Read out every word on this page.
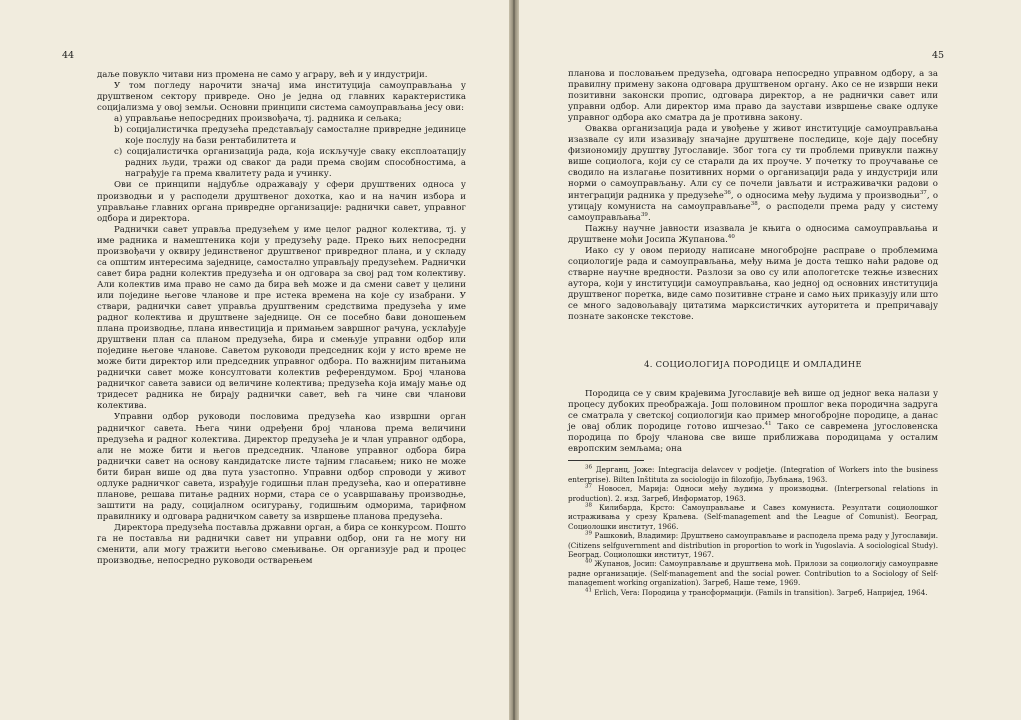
44	45

даље повукло читави низ промена не само у аграру, већ и у индустрији.

У том погледу нарочити значај има институција самоуправљања у друштвеном сектору привреде. Оно је једна од главних карактеристика социјализма у овој земљи. Основни принципи система самоуправљања јесу ови:

а) управљање непосредних произвођача, тј. радника и сељака;
b) социјалистичка предузећа представљају самосталне привредне јединице које послују на бази рентабилитета и
с) социјалистичка организација рада, која искључује сваку експлоатацију радних људи, тражи од сваког да ради према својим способностима, а награђује га према квалитету рада и учинку.

Ови се принципи најдубље одражавају у сфери друштвених односа у производњи и у расподели друштвеног дохотка, као и на начин избора и управљање главних органа привредне организације: раднички савет, управног одбора и директора.

Раднички савет управља предузећем у име целог радног колектива, тј. у име радника и намештеника који у предузећу раде. Преко њих непосредни произвођачи у оквиру јединственог друштвеног привредног плана, и у складу са општим интересима заједнице, самостално управљају предузећем. Раднички савет бира радни колектив предузећа и он одговара за свој рад том колективу. Али колектив има право не само да бира већ може и да смени савет у целини или поједине његове чланове и пре истека времена на које су изабрани. У ствари, раднички савет управља друштвеним средствима предузећа у име радног колектива и друштвене заједнице. Он се посебно бави доношењем плана производње, плана инвестиција и примањем завршног рачуна, усклађује друштвени план са планом предузећа, бира и смењује управни одбор или поједине његове чланове. Саветом руководи председник који у исто време не може бити директор или председник управног одбора. По важнијим питањима раднички савет може консултовати колектив референдумом. Број чланова радничког савета зависи од величине колектива; предузећа која имају мање од тридесет радника не бирају раднички савет, већ га чине сви чланови колектива.

Управни одбор руководи пословима предузећа као извршни орган радничког савета. Њега чини одређени број чланова према величини предузећа и радног колектива. Директор предузећа је и члан управног одбора, али не може бити и његов председник. Чланове управног одбора бира раднички савет на основу кандидатске листе тајним гласањем; нико не може бити биран више од два пута узастопно. Управни одбор спроводи у живот одлуке радничког савета, израђује годишњи план предузећа, као и оперативне планове, решава питање радних норми, стара се о усавршавању производње, заштити на раду, социјалном осигурању, годишњим одморима, тарифном правилнику и одговара радничком савету за извршење планова предузећа.

Директора предузећа поставља државни орган, а бира се конкурсом. Пошто га не поставља ни раднички савет ни управни одбор, они га не могу ни сменити, али могу тражити његово смењивање. Он организује рад и процес производње, непосредно руководи остварењем

планова и пословањем предузећа, одговара непосредно управном одбору, а за правилну примену закона одговара друштвеном органу. Ако се не изврши неки позитивни законски пропис, одговара директор, а не раднички савет или управни одбор. Али директор има право да заустави извршење сваке одлуке управног одбора ако сматра да је противна закону.

Оваква организација рада и увођење у живот институције самоуправљања изазвале су или изазивају значајне друштвене последице, које дају посебну физиономију друштву Југославије. Због тога су ти проблеми привукли пажњу више социолога, који су се старали да их проуче. У почетку то проучавање се сводило на излагање позитивних норми о организацији рада у индустрији или норми о самоуправљању. Али су се почели јављати и истраживачки радови о интеграцији радника у предузеће$^{36}$, о односима међу људима у производњи$^{37}$, о утицају комуниста на самоуправљање$^{38}$, о расподели према раду у систему самоуправљања$^{39}$.

Пажњу научне јавности изазвала је књига о односима самоуправљања и друштвене моћи Јосипа Жупанова.$^{40}$

Иако су у овом периоду написане многобројне расправе о проблемима социологије рада и самоуправљања, међу њима је доста тешко наћи радове од стварне научне вредности. Разлози за ово су или апологетске тежње извесних аутора, који у институцији самоуправљања, као једној од основних институција друштвеног поретка, виде само позитивне стране и само њих приказују или што се много задовољавају цитатима марксистичких ауторитета и препричавају познате законске текстове.

4. СОЦИОЛОГИЈА ПОРОДИЦЕ И ОМЛАДИНЕ

Породица се у свим крајевима Југославије већ више од једног века налази у процесу дубоких преображаја. Још половином прошлог века породична задруга се сматрала у светској социологији као пример многобројне породице, а данас је овај облик породице готово ишчезао.$^{41}$ Тако се савремена југословенска породица по броју чланова све више приближава породицама у осталим европским земљама; она

$^{36}$ Дерганц, Јоже: Integracija delavcev v podjetje. (Integration of Workers into the business enterprise). Bilten Inštituta za sociologijo in filozofijo, Љубљана, 1963.

$^{37}$ Новосел, Марија: Односи међу људима у производњи. (Interpersonal relations in production). 2. изд. Загреб, Информатор, 1963.

$^{38}$ Килибарда, Крсто: Самоуправљање и Савез комуниста. Резултати социолошког истраживања у срезу Краљева. (Self-management and the League of Comunist). Београд, Социолошки институт, 1966.

$^{39}$ Рашковић, Владимир: Друштвено самоуправљање и расподела према раду у Југославији. (Citizens selfguvernment and distribution in proportion to work in Yugoslavia. A sociological Study). Београд. Социолошки институт, 1967.

$^{40}$ Жупанов, Јосип: Самоуправљање и друштвена моћ. Прилози за социологију самоуправне радне организације. (Self-management and the social power. Contribution to a Sociology of Self-management working organization). Загреб, Наше теме, 1969.

$^{41}$ Erlich, Vera: Породица у трансформацији. (Famils in transition). Загреб, Напријед, 1964.
